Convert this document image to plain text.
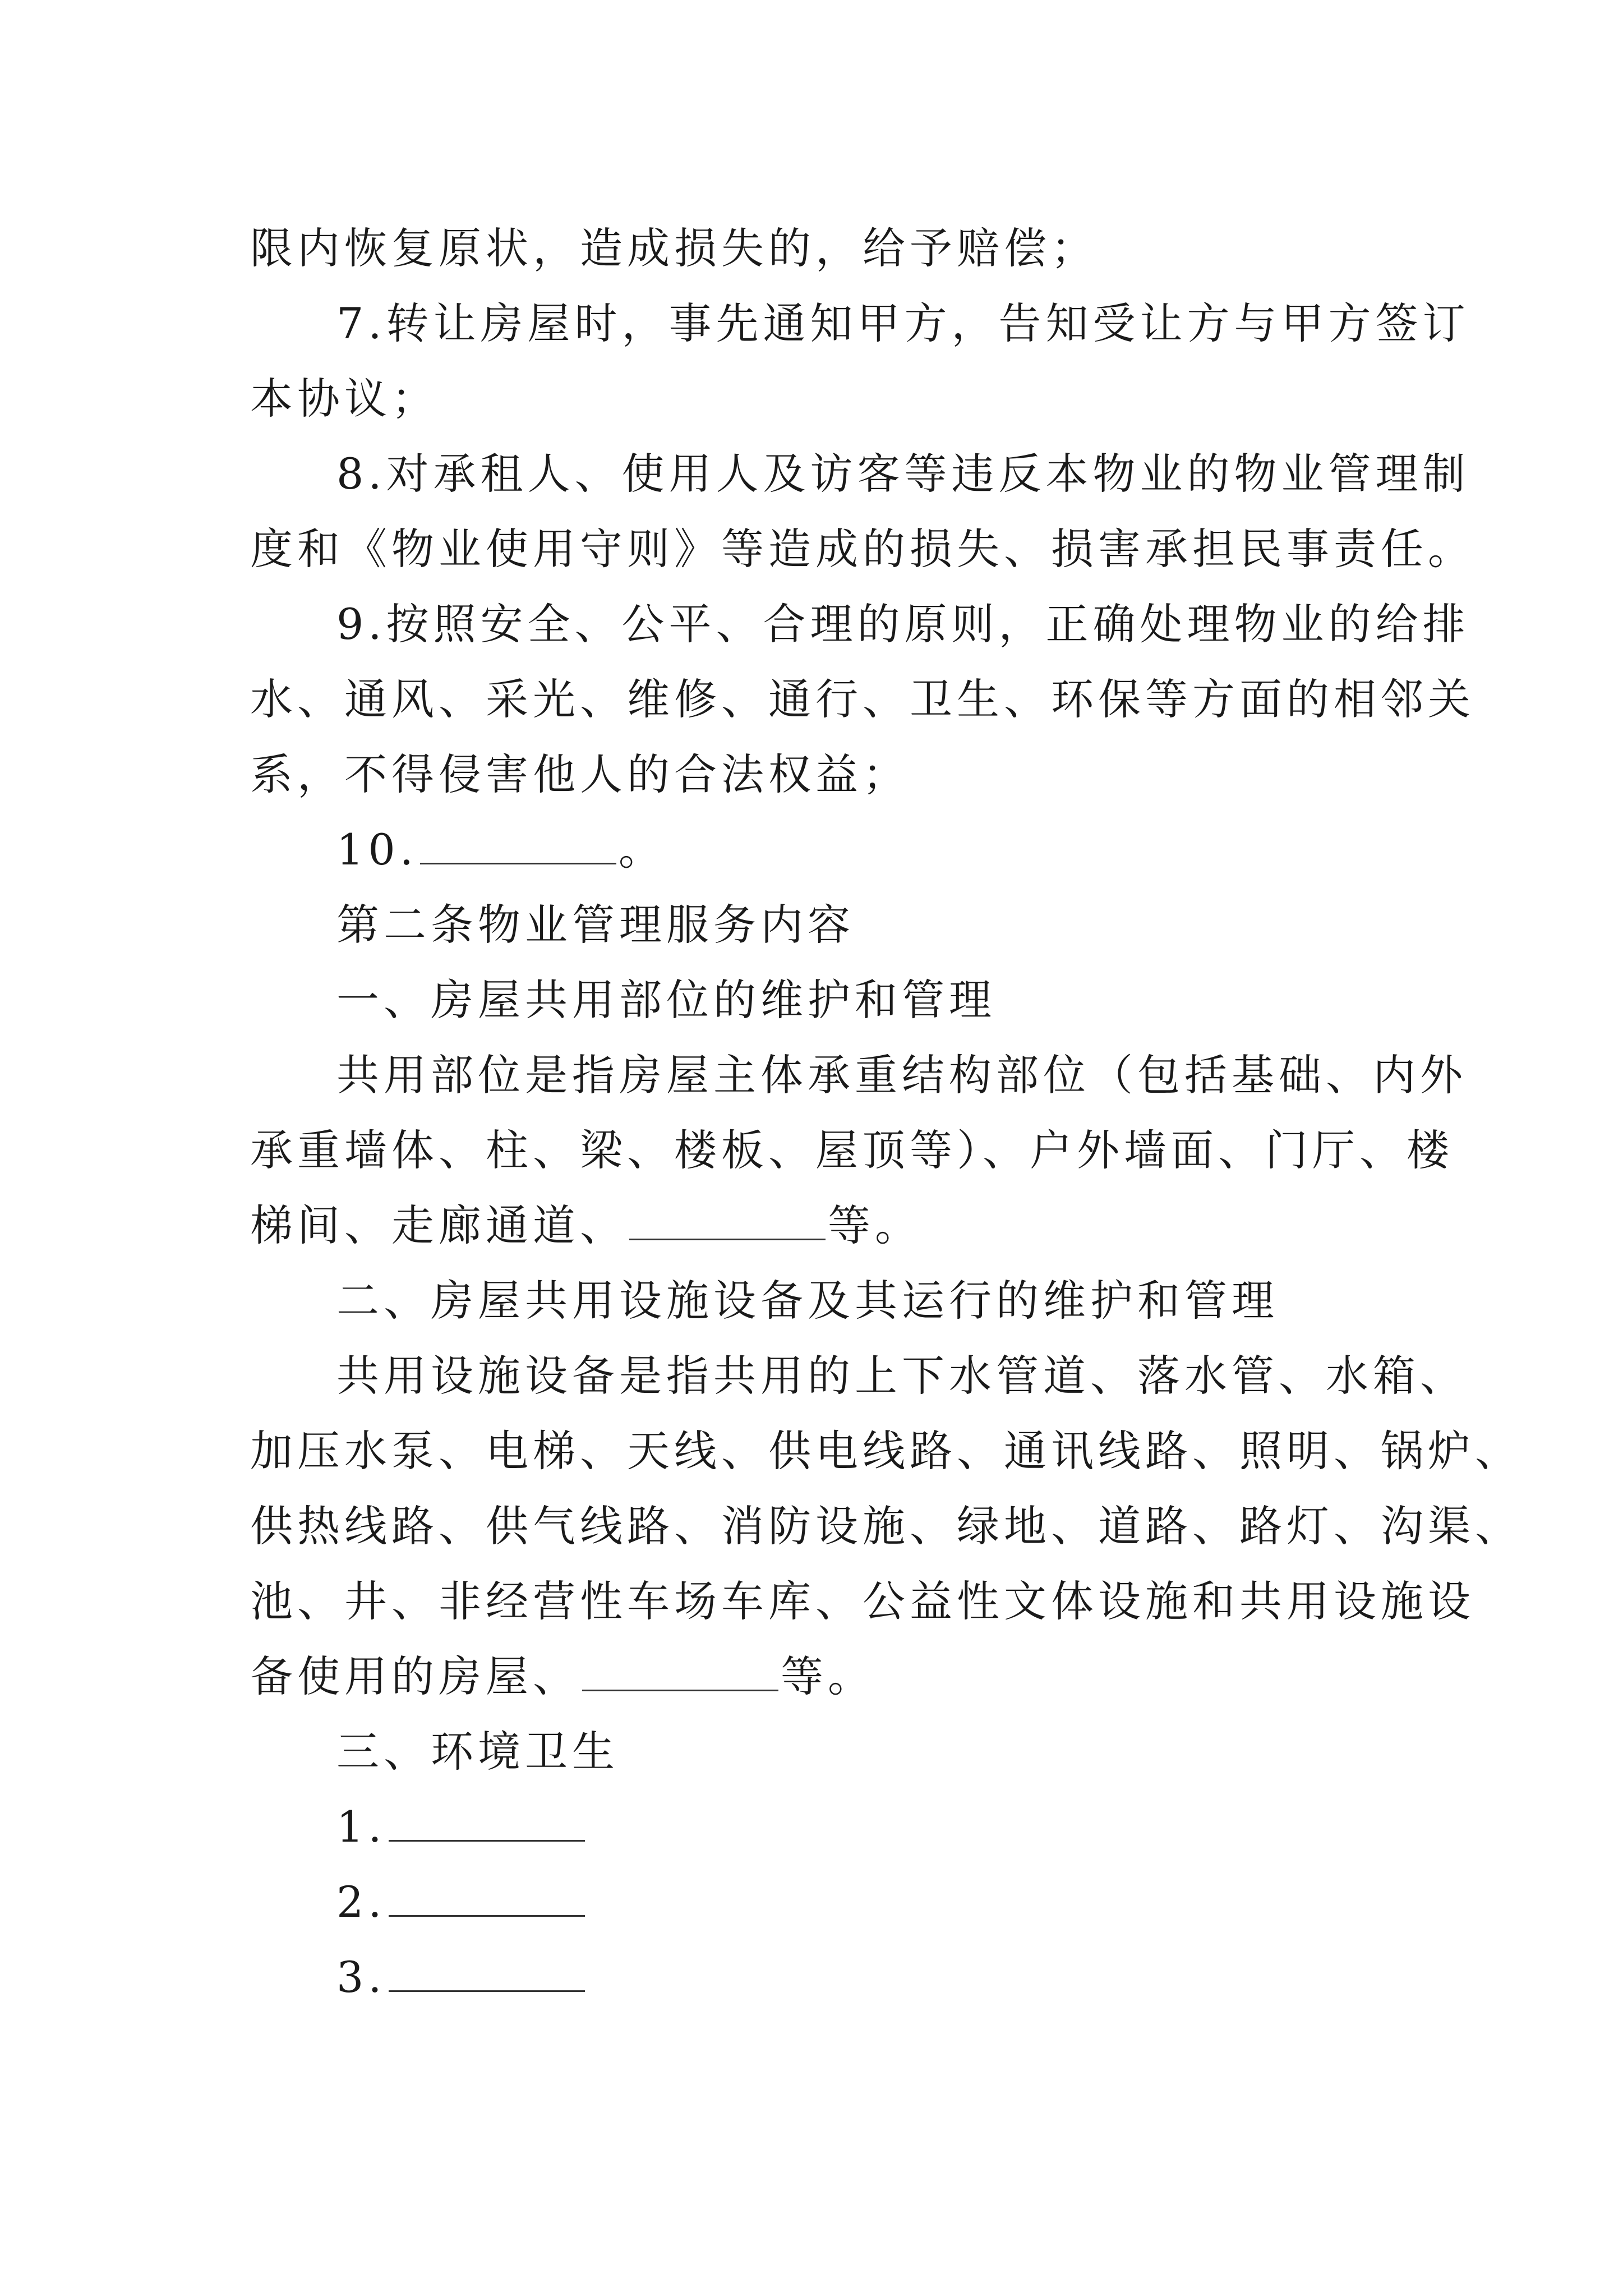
限内恢复原状，造成损失的，给予赔偿；
7.转让房屋时，事先通知甲方，告知受让方与甲方签订
本协议；
8.对承租人、使用人及访客等违反本物业的物业管理制
度和《物业使用守则》等造成的损失、损害承担民事责任。
9.按照安全、公平、合理的原则，正确处理物业的给排
水、通风、采光、维修、通行、卫生、环保等方面的相邻关
系，不得侵害他人的合法权益；
10.	。
第二条物业管理服务内容
一、房屋共用部位的维护和管理
共用部位是指房屋主体承重结构部位（包括基础、内外
承重墙体、柱、梁、楼板、屋顶等）、户外墙面、门厅、楼
梯间、走廊通道、	等。
二、房屋共用设施设备及其运行的维护和管理
共用设施设备是指共用的上下水管道、落水管、水箱、
加压水泵、电梯、天线、供电线路、通讯线路、照明、锅炉、
供热线路、供气线路、消防设施、绿地、道路、路灯、沟渠、
池、井、非经营性车场车库、公益性文体设施和共用设施设
备使用的房屋、	等。
三、环境卫生
1.
2.
3.
